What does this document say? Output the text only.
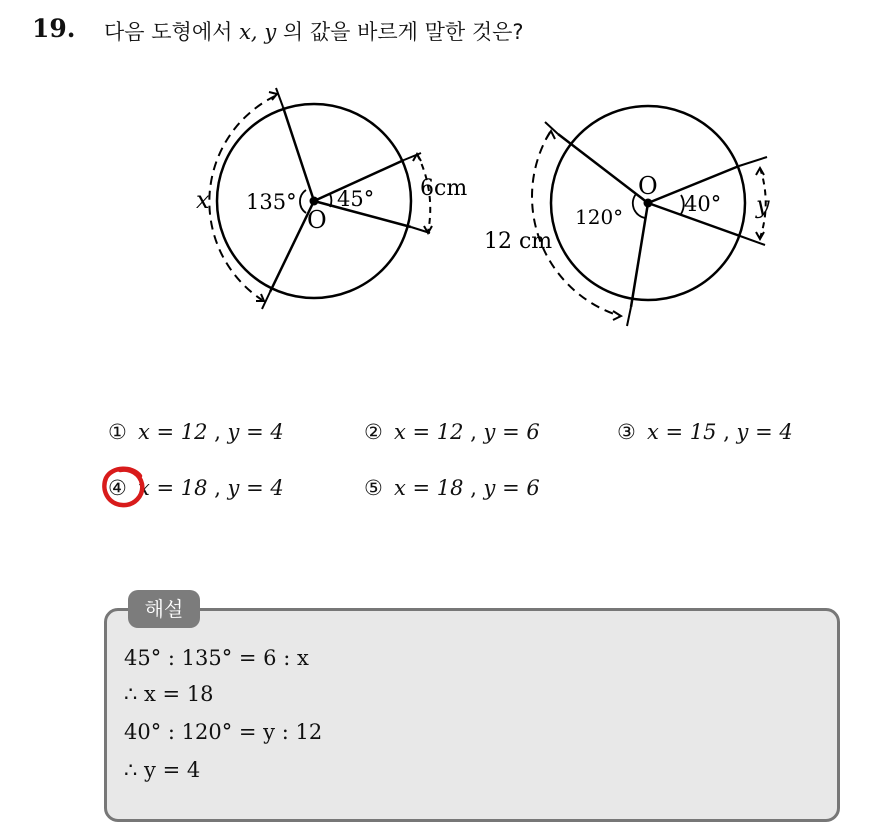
19. 다음 도형에서 x, y 의 값을 바르게 말한 것은?
x 135° 45°
O
6cm	O
120°
40°
12 cm
y
① x = 12 , y = 4	② x = 12 , y = 6	③ x = 15 , y = 4
④ x = 18 , y = 4	⑤ x = 18 , y = 6
해설
45° : 135° = 6 : x
∴ x = 18
40° : 120° = y : 12
∴ y = 4
